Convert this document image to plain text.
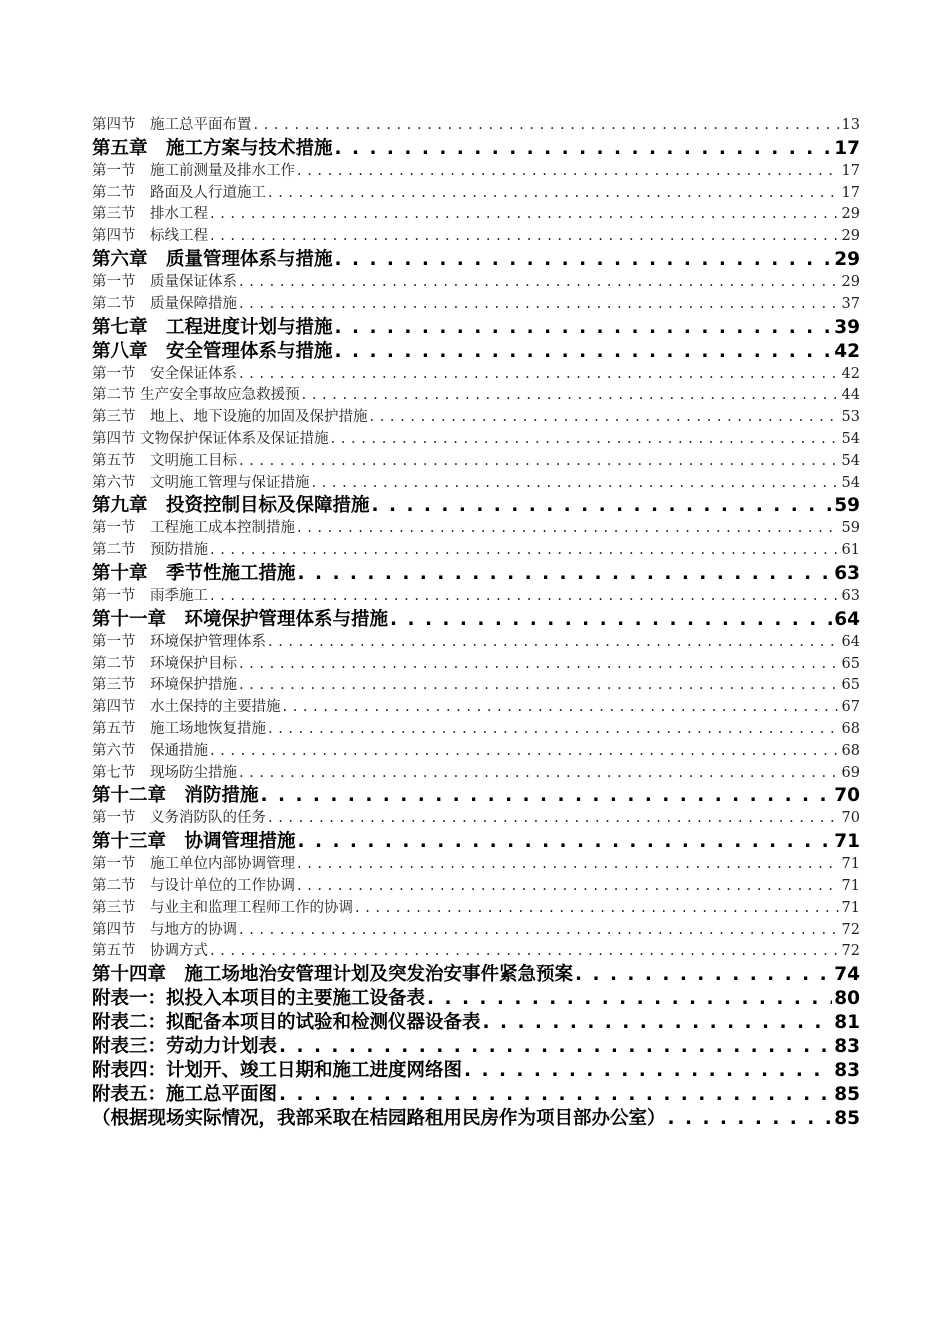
第四节　施工总平面布置 . . .	13
第五章　施工方案与技术措施 . . .	17
第一节　施工前测量及排水工作 . . .	17
第二节　路面及人行道施工 . . .	17
第三节　排水工程 . . .	29
第四节　标线工程 . . .	29
第六章　质量管理体系与措施 . . .	29
第一节　质量保证体系 . . .	29
第二节　质量保障措施 . . .	37
第七章　工程进度计划与措施 . . .	39
第八章　安全管理体系与措施 . . .	42
第一节　安全保证体系 . . .	42
第二节 生产安全事故应急救援预 . . .	44
第三节　地上、地下设施的加固及保护措施 . . .	53
第四节 文物保护保证体系及保证措施 . . .	54
第五节　文明施工目标 . . .	54
第六节　文明施工管理与保证措施 . . .	54
第九章　投资控制目标及保障措施 . . .	59
第一节　工程施工成本控制措施 . . .	59
第二节　预防措施 . . .	61
第十章　季节性施工措施 . . .	63
第一节　雨季施工 . . .	63
第十一章　环境保护管理体系与措施 . . .	64
第一节　环境保护管理体系 . . .	64
第二节　环境保护目标 . . .	65
第三节　环境保护措施 . . .	65
第四节　水土保持的主要措施 . . .	67
第五节　施工场地恢复措施 . . .	68
第六节　保通措施 . . .	68
第七节　现场防尘措施 . . .	69
第十二章　消防措施 . . .	70
第一节　义务消防队的任务 . . .	70
第十三章　协调管理措施 . . .	71
第一节　施工单位内部协调管理 . . .	71
第二节　与设计单位的工作协调 . . .	71
第三节　与业主和监理工程师工作的协调 . . .	71
第四节　与地方的协调 . . .	72
第五节　协调方式 . . .	72
第十四章　施工场地治安管理计划及突发治安事件紧急预案 . . .	74
附表一：拟投入本项目的主要施工设备表 . . .	80
附表二：拟配备本项目的试验和检测仪器设备表 . . .	81
附表三：劳动力计划表 . . .	83
附表四：计划开、竣工日期和施工进度网络图 . . .	83
附表五：施工总平面图 . . .	85
（根据现场实际情况，我部采取在桔园路租用民房作为项目部办公室） . . .	85
